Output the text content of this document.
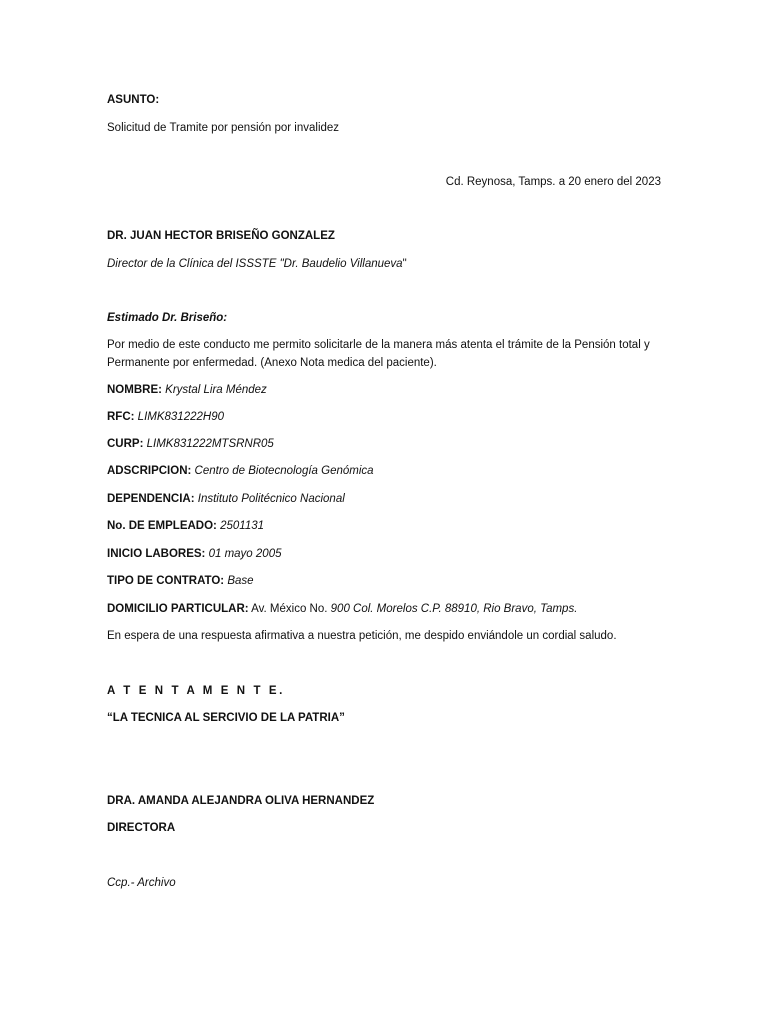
ASUNTO:
Solicitud de Tramite por pensión por invalidez
Cd. Reynosa, Tamps. a 20 enero del 2023
DR. JUAN HECTOR BRISEÑO GONZALEZ
Director de la Clínica del ISSSTE "Dr. Baudelio Villanueva"
Estimado Dr. Briseño:
Por medio de este conducto me permito solicitarle de la manera más atenta el trámite de la Pensión total y Permanente por enfermedad. (Anexo Nota medica del paciente).
NOMBRE: Krystal Lira Méndez
RFC: LIMK831222H90
CURP: LIMK831222MTSRNR05
ADSCRIPCION: Centro de Biotecnología Genómica
DEPENDENCIA: Instituto Politécnico Nacional
No. DE EMPLEADO: 2501131
INICIO LABORES: 01 mayo 2005
TIPO DE CONTRATO: Base
DOMICILIO PARTICULAR: Av. México No. 900 Col. Morelos C.P. 88910, Rio Bravo, Tamps.
En espera de una respuesta afirmativa a nuestra petición, me despido enviándole un cordial saludo.
A T E N T A M E N T E.
“LA TECNICA AL SERCIVIO DE LA PATRIA”
DRA. AMANDA ALEJANDRA OLIVA HERNANDEZ
DIRECTORA
Ccp.- Archivo
